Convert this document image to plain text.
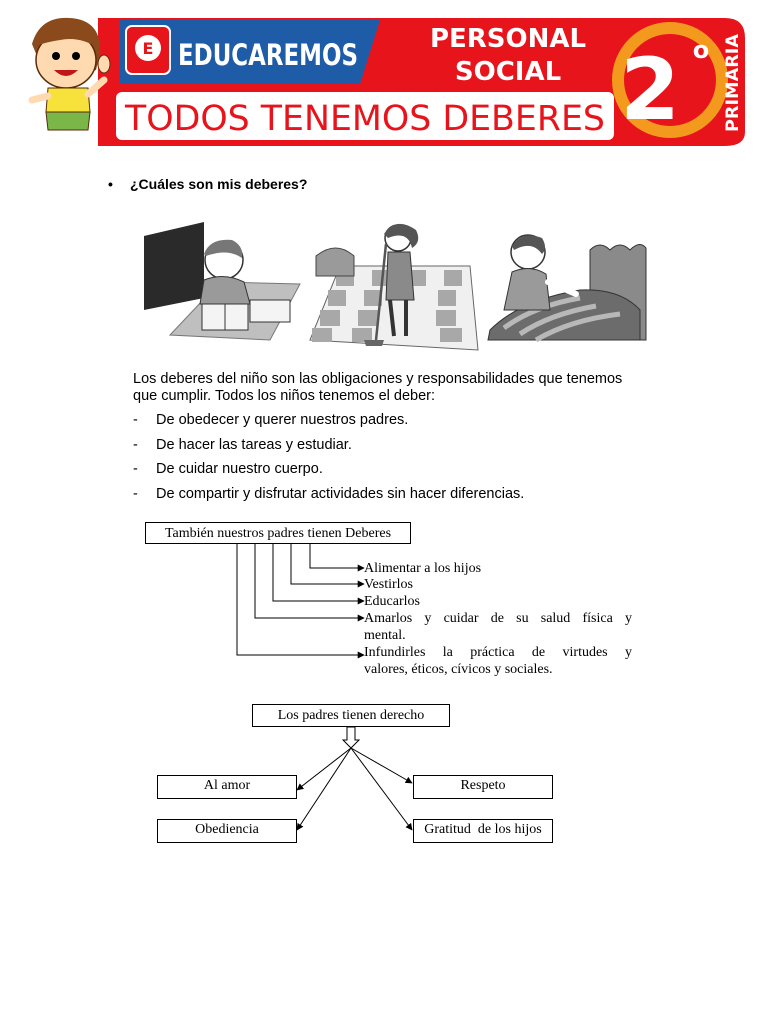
E EDUCAREMOS	PERSONAL
SOCIAL
TODOS TENEMOS DEBERES 2 o PRIMARIA
• ¿Cuáles son mis deberes?
Los deberes del niño son las obligaciones y responsabilidades que tenemos
que cumplir. Todos los niños tenemos el deber:
- De obedecer y querer nuestros padres.
- De hacer las tareas y estudiar.
- De cuidar nuestro cuerpo.
- De compartir y disfrutar actividades sin hacer diferencias.
También nuestros padres tienen Deberes
Alimentar a los hijos
Vestirlos
Educarlos
Amarlos y cuidar de su salud física y
mental.
Infundirles la práctica de virtudes y
valores, éticos, cívicos y sociales.
Los padres tienen derecho
Al amor
Obediencia
Respeto
Gratitud  de los hijos
